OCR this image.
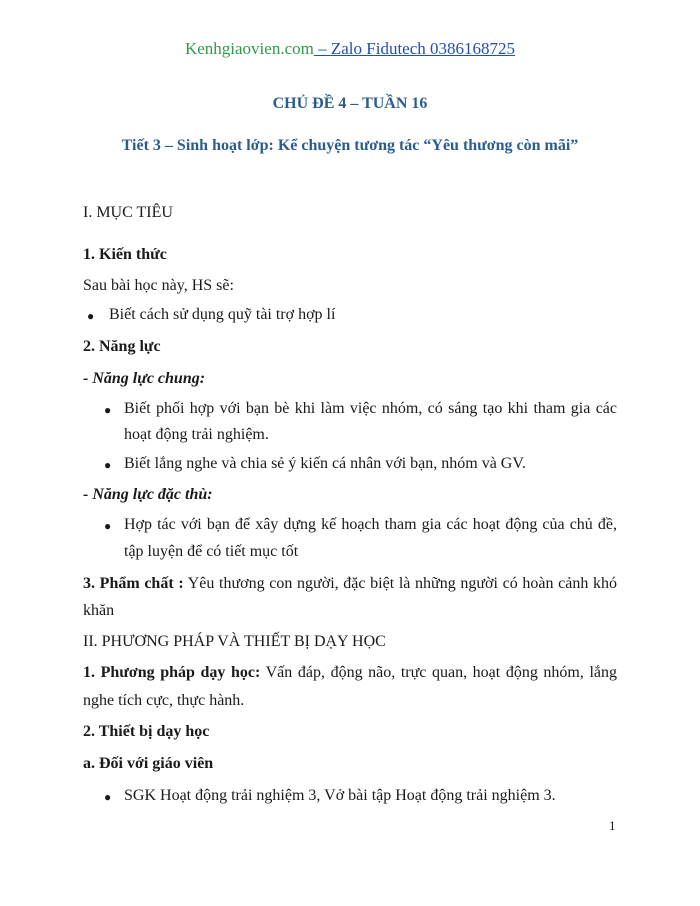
Kenhgiaovien.com – Zalo Fidutech 0386168725
CHỦ ĐỀ 4 – TUẦN 16
Tiết 3 – Sinh hoạt lớp: Kể chuyện tương tác “Yêu thương còn mãi”
I. MỤC TIÊU
1. Kiến thức
Sau bài học này, HS sẽ:
● Biết cách sử dụng quỹ tài trợ hợp lí
2. Năng lực
- Năng lực chung:
● Biết phối hợp với bạn bè khi làm việc nhóm, có sáng tạo khi tham gia các
hoạt động trải nghiệm.
● Biết lắng nghe và chia sẻ ý kiến cá nhân với bạn, nhóm và GV.
- Năng lực đặc thù:
● Hợp tác với bạn để xây dựng kế hoạch tham gia các hoạt động của chủ đề,
tập luyện để có tiết mục tốt
3. Phẩm chất : Yêu thương con người, đặc biệt là những người có hoàn cảnh khó
khăn
II. PHƯƠNG PHÁP VÀ THIẾT BỊ DẠY HỌC
1. Phương pháp dạy học: Vấn đáp, động não, trực quan, hoạt động nhóm, lắng
nghe tích cực, thực hành.
2. Thiết bị dạy học
a. Đối với giáo viên
● SGK Hoạt động trải nghiệm 3, Vở bài tập Hoạt động trải nghiệm 3.
1
